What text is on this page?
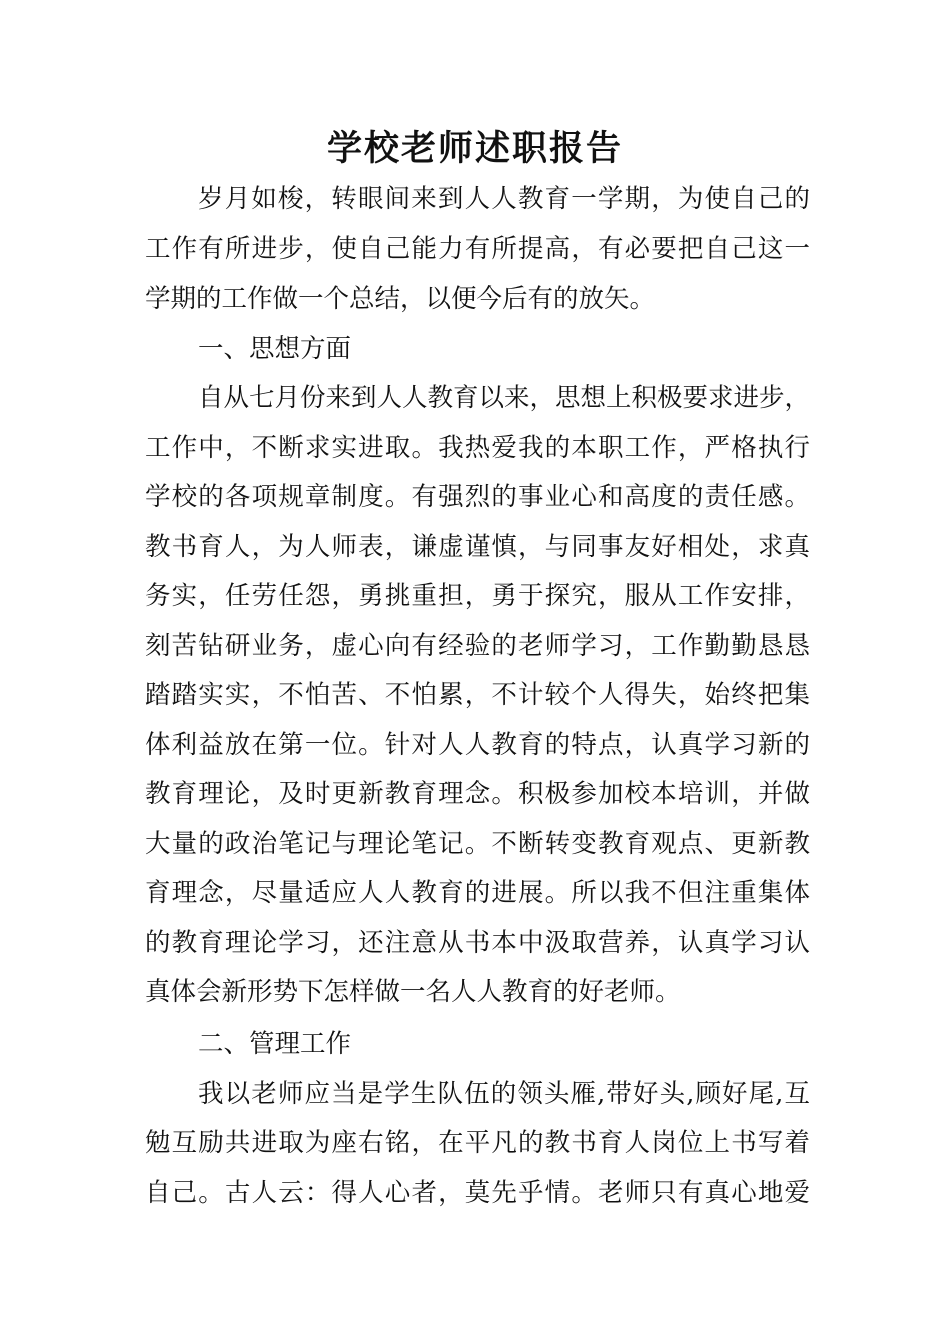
学校老师述职报告
岁月如梭，转眼间来到人人教育一学期，为使自己的
工作有所进步，使自己能力有所提高，有必要把自己这一
学期的工作做一个总结，以便今后有的放矢。
一、思想方面
自从七月份来到人人教育以来，思想上积极要求进步，
工作中，不断求实进取。我热爱我的本职工作，严格执行
学校的各项规章制度。有强烈的事业心和高度的责任感。
教书育人，为人师表，谦虚谨慎，与同事友好相处，求真
务实，任劳任怨，勇挑重担，勇于探究，服从工作安排，
刻苦钻研业务，虚心向有经验的老师学习，工作勤勤恳恳
踏踏实实，不怕苦、不怕累，不计较个人得失，始终把集
体利益放在第一位。针对人人教育的特点，认真学习新的
教育理论，及时更新教育理念。积极参加校本培训，并做
大量的政治笔记与理论笔记。不断转变教育观点、更新教
育理念，尽量适应人人教育的进展。所以我不但注重集体
的教育理论学习，还注意从书本中汲取营养，认真学习认
真体会新形势下怎样做一名人人教育的好老师。
二、管理工作
我以老师应当是学生队伍的领头雁,带好头,顾好尾,互
勉互励共进取为座右铭，在平凡的教书育人岗位上书写着
自己。古人云：得人心者，莫先乎情。老师只有真心地爱
